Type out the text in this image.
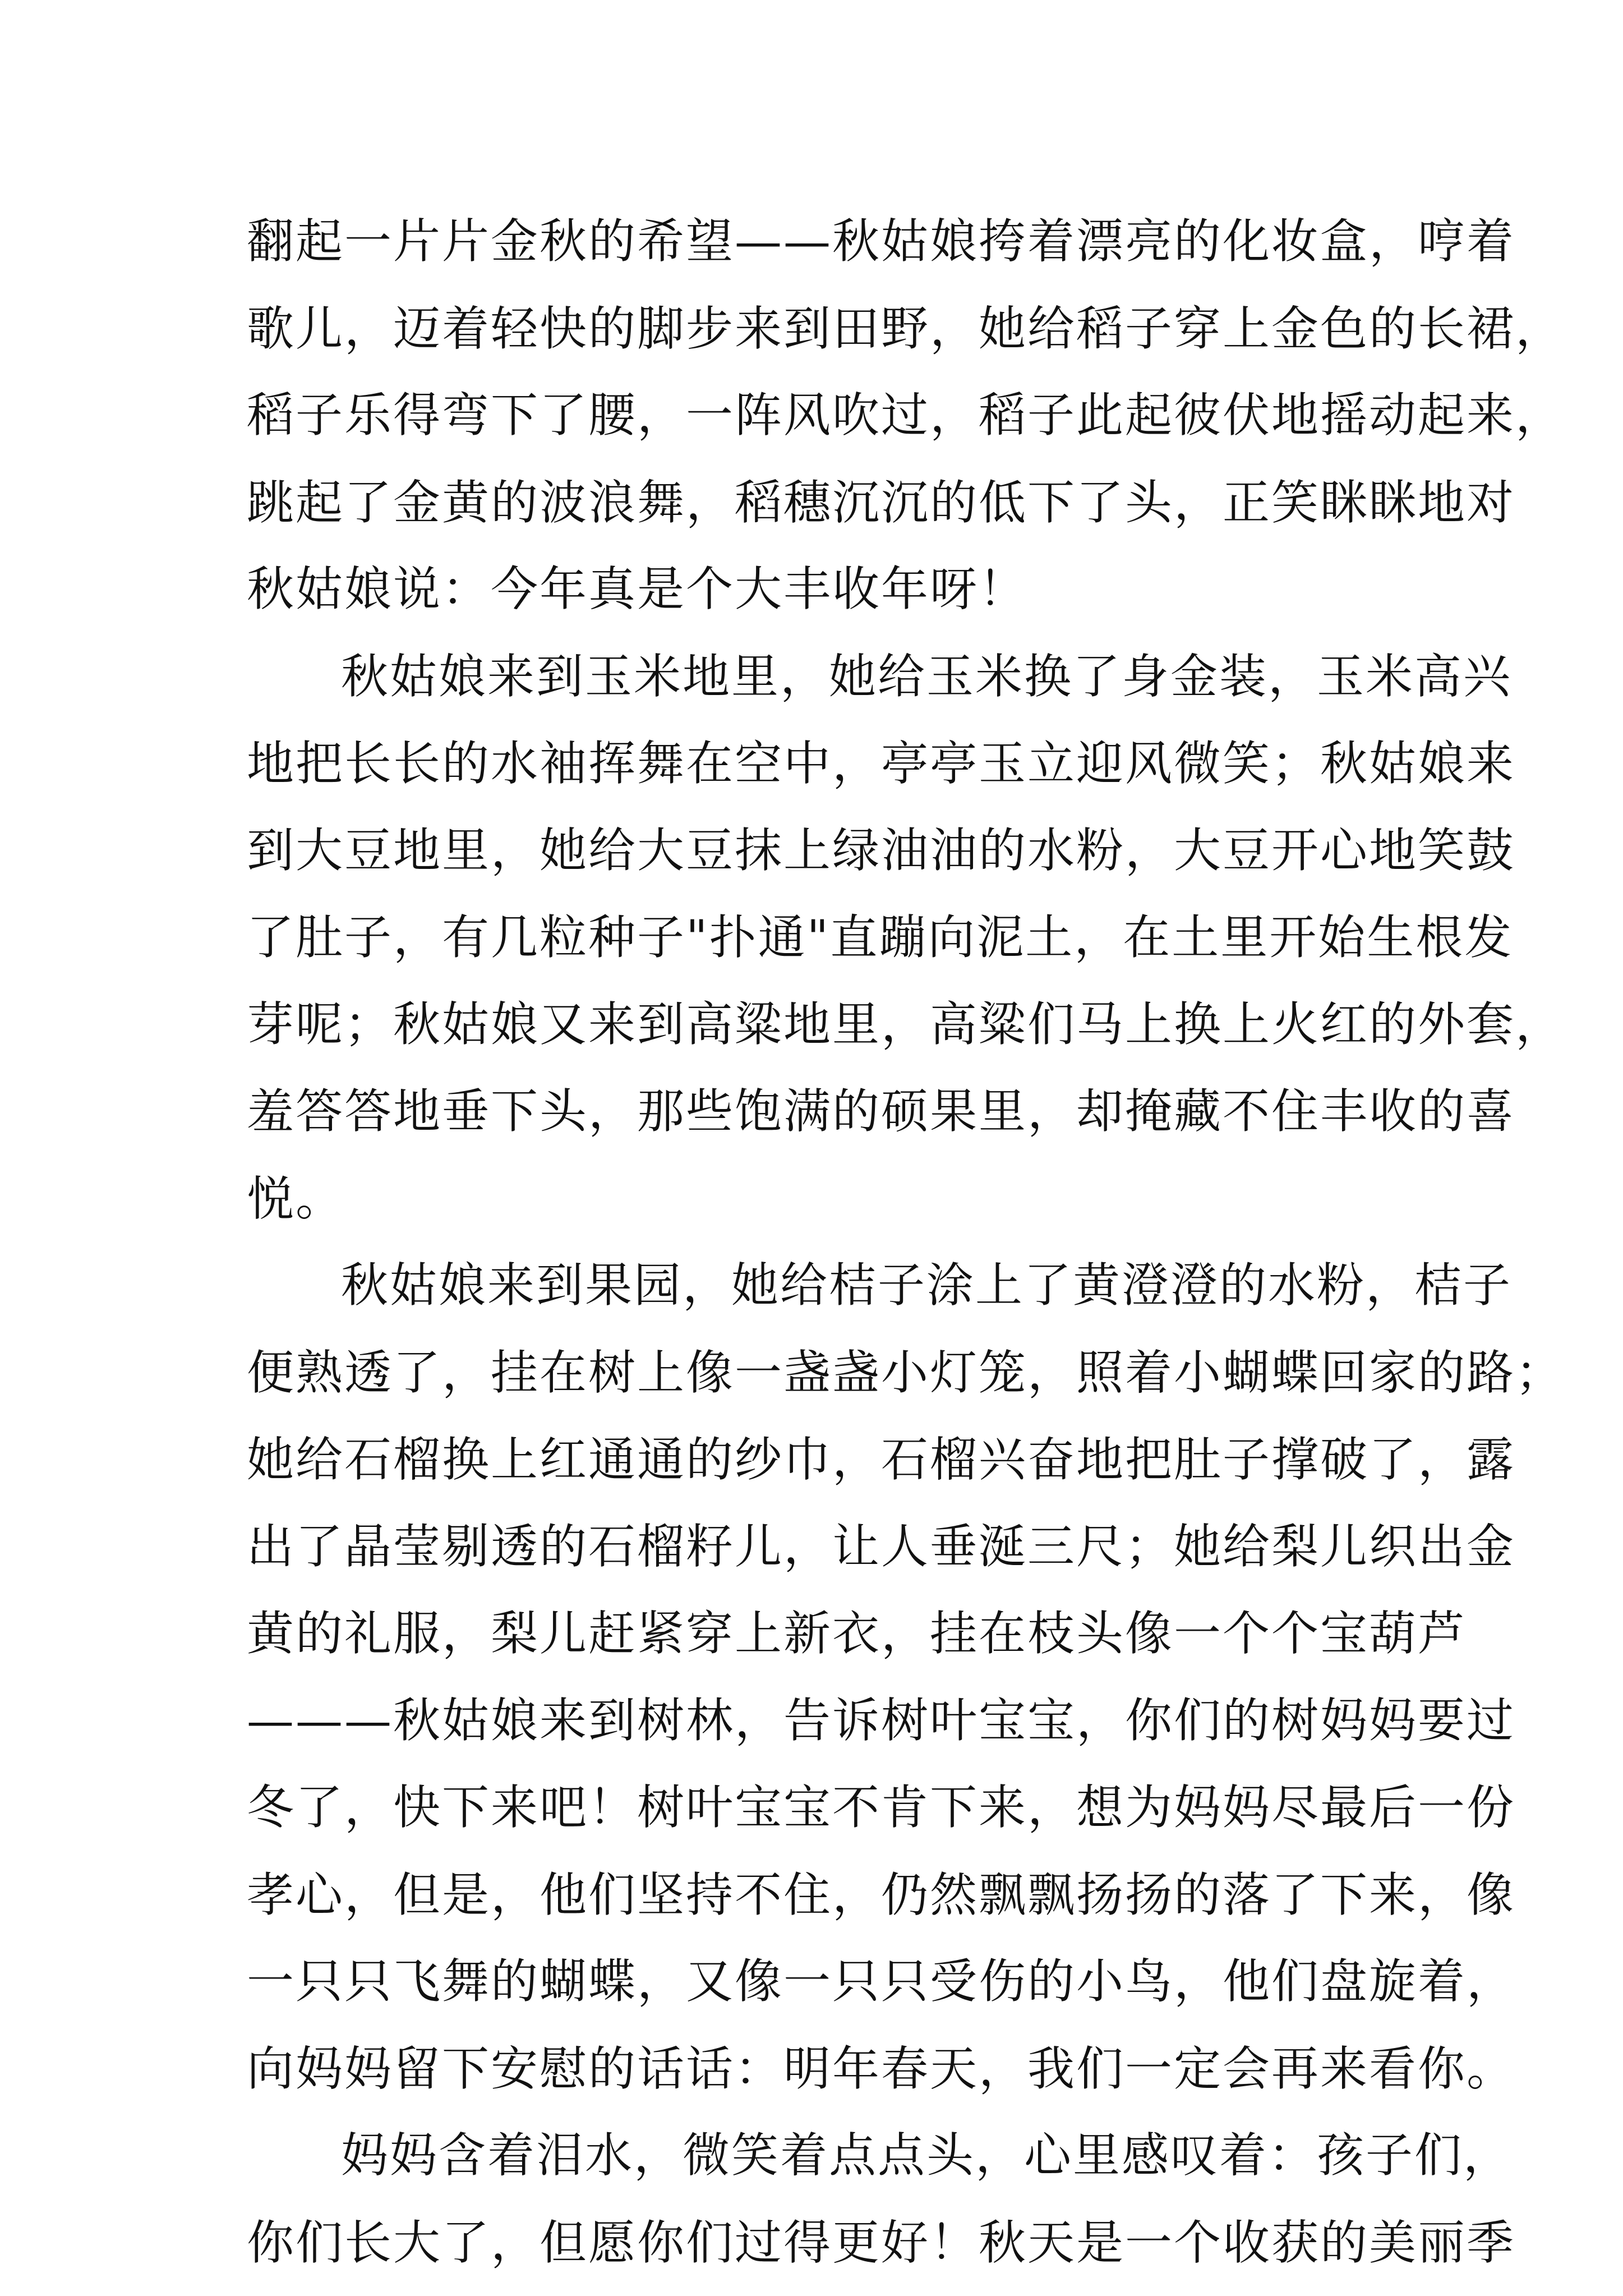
翻起一片片金秋的希望——秋姑娘挎着漂亮的化妆盒，哼着
歌儿，迈着轻快的脚步来到田野，她给稻子穿上金色的长裙，
稻子乐得弯下了腰，一阵风吹过，稻子此起彼伏地摇动起来，
跳起了金黄的波浪舞，稻穗沉沉的低下了头，正笑眯眯地对
秋姑娘说：今年真是个大丰收年呀！
秋姑娘来到玉米地里，她给玉米换了身金装，玉米高兴
地把长长的水袖挥舞在空中，亭亭玉立迎风微笑；秋姑娘来
到大豆地里，她给大豆抹上绿油油的水粉，大豆开心地笑鼓
了肚子，有几粒种子"扑通"直蹦向泥土，在土里开始生根发
芽呢；秋姑娘又来到高粱地里，高粱们马上换上火红的外套，
羞答答地垂下头，那些饱满的硕果里，却掩藏不住丰收的喜
悦。
秋姑娘来到果园，她给桔子涂上了黄澄澄的水粉，桔子
便熟透了，挂在树上像一盏盏小灯笼，照着小蝴蝶回家的路；
她给石榴换上红通通的纱巾，石榴兴奋地把肚子撑破了，露
出了晶莹剔透的石榴籽儿，让人垂涎三尺；她给梨儿织出金
黄的礼服，梨儿赶紧穿上新衣，挂在枝头像一个个宝葫芦
———秋姑娘来到树林，告诉树叶宝宝，你们的树妈妈要过
冬了，快下来吧！树叶宝宝不肯下来，想为妈妈尽最后一份
孝心，但是，他们坚持不住，仍然飘飘扬扬的落了下来，像
一只只飞舞的蝴蝶，又像一只只受伤的小鸟，他们盘旋着，
向妈妈留下安慰的话话：明年春天，我们一定会再来看你。
妈妈含着泪水，微笑着点点头，心里感叹着：孩子们，
你们长大了，但愿你们过得更好！秋天是一个收获的美丽季
